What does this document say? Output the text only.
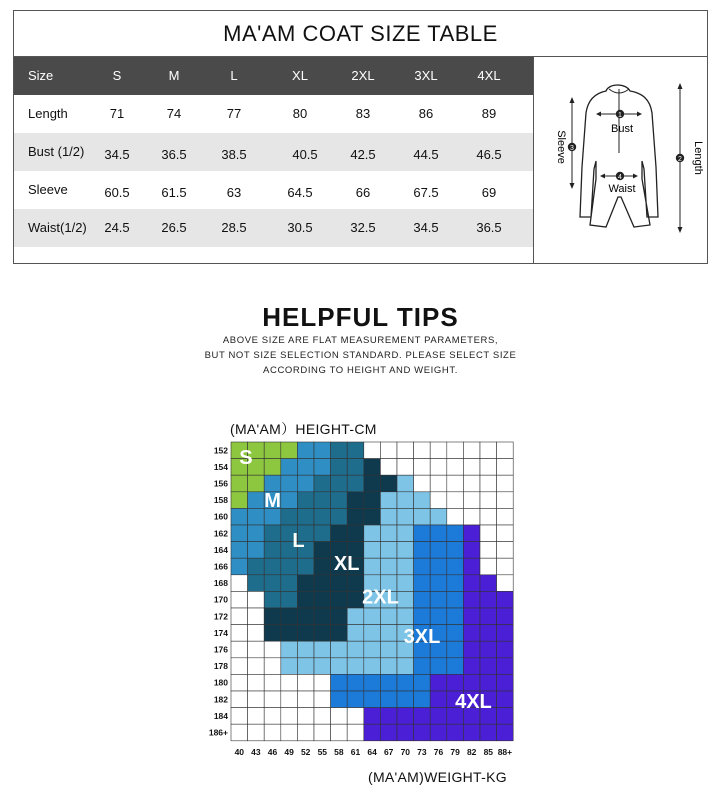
MA'AM COAT SIZE TABLE
Size	S	M	L	XL	2XL	3XL	4XL
Length	71	74	77	80	83	86	89
Bust (1/2)	34.5	36.5	38.5	40.5	42.5	44.5	46.5
Sleeve	60.5	61.5	63	64.5	66	67.5	69
Waist(1/2)	24.5	26.5	28.5	30.5	32.5	34.5	36.5
1
Bust
4
Waist
3
Sleeve	2 Length
HELPFUL TIPS
ABOVE SIZE ARE FLAT MEASUREMENT PARAMETERS,
BUT NOT SIZE SELECTION STANDARD. PLEASE SELECT SIZE
ACCORDING TO HEIGHT AND WEIGHT.
(MA'AM）HEIGHT-CM
152
154
156
158
160
162
164
166
168
170
172
174
176
178
180
182
184
186+
40 43 46 49 52 55 58 61 64 67 70 73 76 79 82 85 88+
S
M
L
XL
2XL
3XL
4XL
(MA'AM)WEIGHT-KG
